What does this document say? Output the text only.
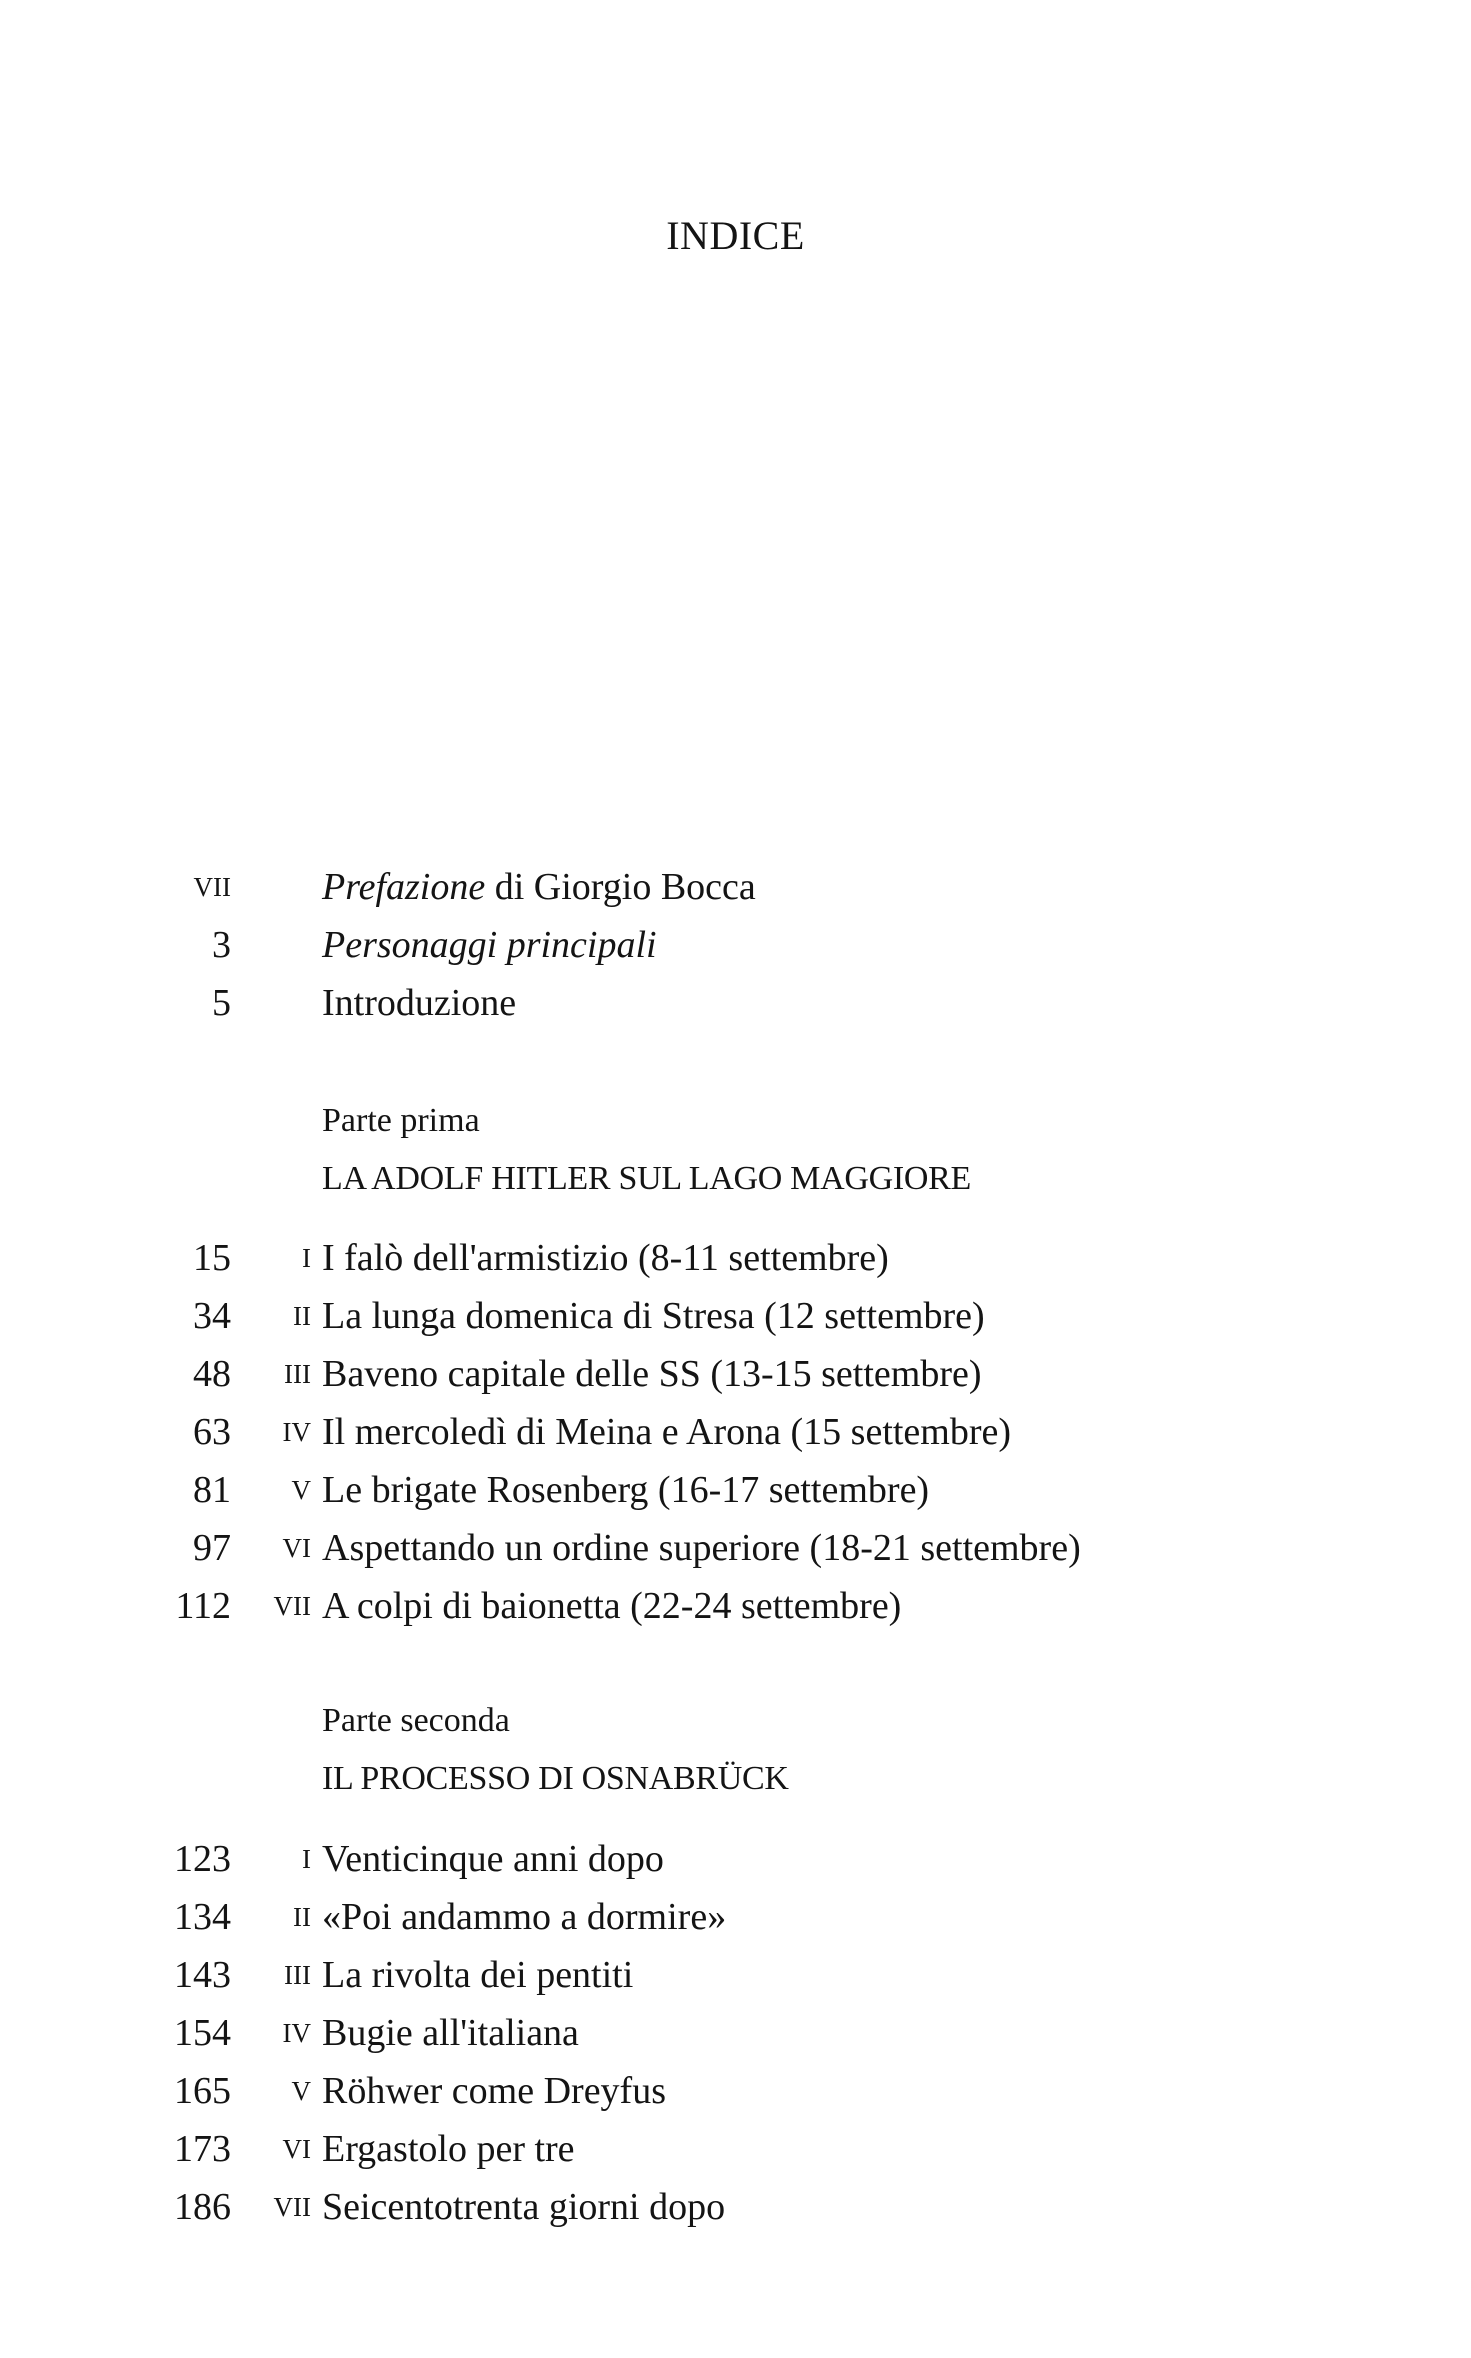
INDICE
VII Prefazione di Giorgio Bocca
3 Personaggi principali
5 Introduzione
Parte prima
LA ADOLF HITLER SUL LAGO MAGGIORE
15	I I falò dell'armistizio (8-11 settembre)
34 II La lunga domenica di Stresa (12 settembre)
48 III Baveno capitale delle SS (13-15 settembre)
63 IV Il mercoledì di Meina e Arona (15 settembre)
81 V Le brigate Rosenberg (16-17 settembre)
97 VI Aspettando un ordine superiore (18-21 settembre)
112 VII A colpi di baionetta (22-24 settembre)
Parte seconda
IL PROCESSO DI OSNABRÜCK
123	I Venticinque anni dopo
134 II «Poi andammo a dormire»
143 III La rivolta dei pentiti
154 IV Bugie all'italiana
165 V Röhwer come Dreyfus
173 VI Ergastolo per tre
186 VII Seicentotrenta giorni dopo
